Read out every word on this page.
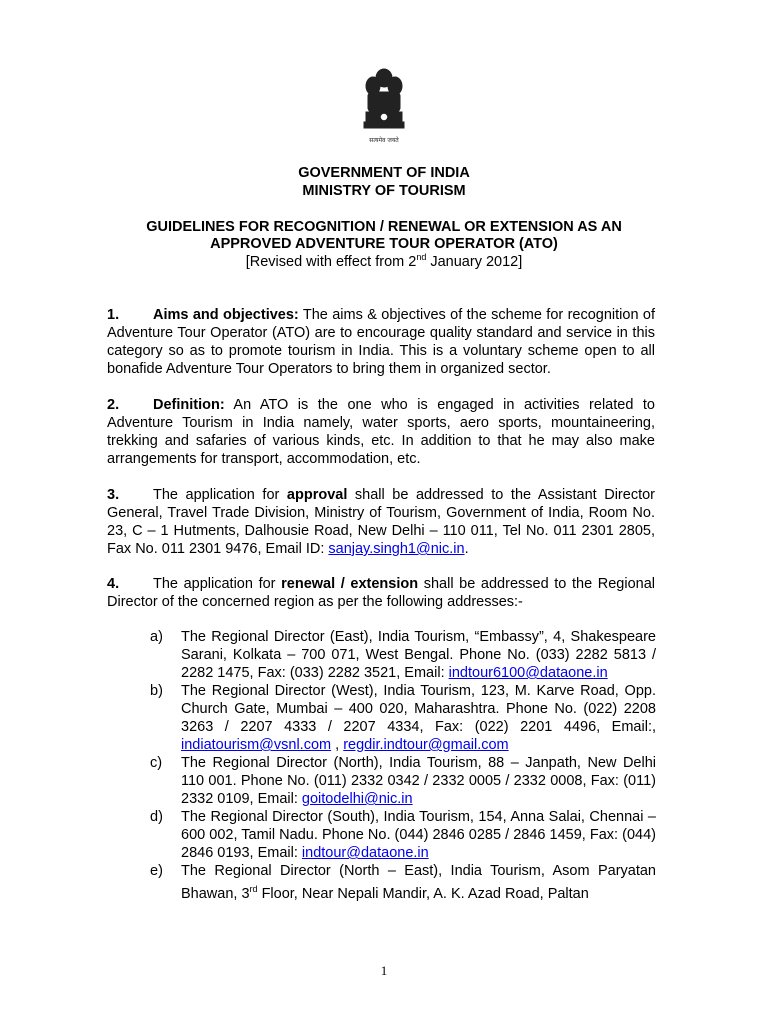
सत्यमेव जयते
GOVERNMENT OF INDIA
MINISTRY OF TOURISM
GUIDELINES FOR RECOGNITION / RENEWAL OR EXTENSION AS AN
APPROVED ADVENTURE TOUR OPERATOR (ATO)
[Revised with effect from 2nd January 2012]
1. Aims and objectives: The aims & objectives of the scheme for recognition of Adventure Tour Operator (ATO) are to encourage quality standard and service in this category so as to promote tourism in India. This is a voluntary scheme open to all bonafide Adventure Tour Operators to bring them in organized sector.
2. Definition: An ATO is the one who is engaged in activities related to Adventure Tourism in India namely, water sports, aero sports, mountaineering, trekking and safaries of various kinds, etc. In addition to that he may also make arrangements for transport, accommodation, etc.
3. The application for approval shall be addressed to the Assistant Director General, Travel Trade Division, Ministry of Tourism, Government of India, Room No. 23, C – 1 Hutments, Dalhousie Road, New Delhi – 110 011, Tel No. 011 2301 2805, Fax No. 011 2301 9476, Email ID: sanjay.singh1@nic.in.
4. The application for renewal / extension shall be addressed to the Regional Director of the concerned region as per the following addresses:-
a)	The Regional Director (East), India Tourism, “Embassy”, 4, Shakespeare Sarani, Kolkata – 700 071, West Bengal. Phone No. (033) 2282 5813 / 2282 1475, Fax: (033) 2282 3521, Email: indtour6100@dataone.in
b)	The Regional Director (West), India Tourism, 123, M. Karve Road, Opp. Church Gate, Mumbai – 400 020, Maharashtra. Phone No. (022) 2208 3263 / 2207 4333 / 2207 4334, Fax: (022) 2201 4496, Email:, indiatourism@vsnl.com , regdir.indtour@gmail.com
c)	The Regional Director (North), India Tourism, 88 – Janpath, New Delhi 110 001. Phone No. (011) 2332 0342 / 2332 0005 / 2332 0008, Fax: (011) 2332 0109, Email: goitodelhi@nic.in
d)	The Regional Director (South), India Tourism, 154, Anna Salai, Chennai – 600 002, Tamil Nadu. Phone No. (044) 2846 0285 / 2846 1459, Fax: (044) 2846 0193, Email: indtour@dataone.in
e)	The Regional Director (North – East), India Tourism, Asom Paryatan Bhawan, 3rd Floor, Near Nepali Mandir, A. K. Azad Road, Paltan
1
